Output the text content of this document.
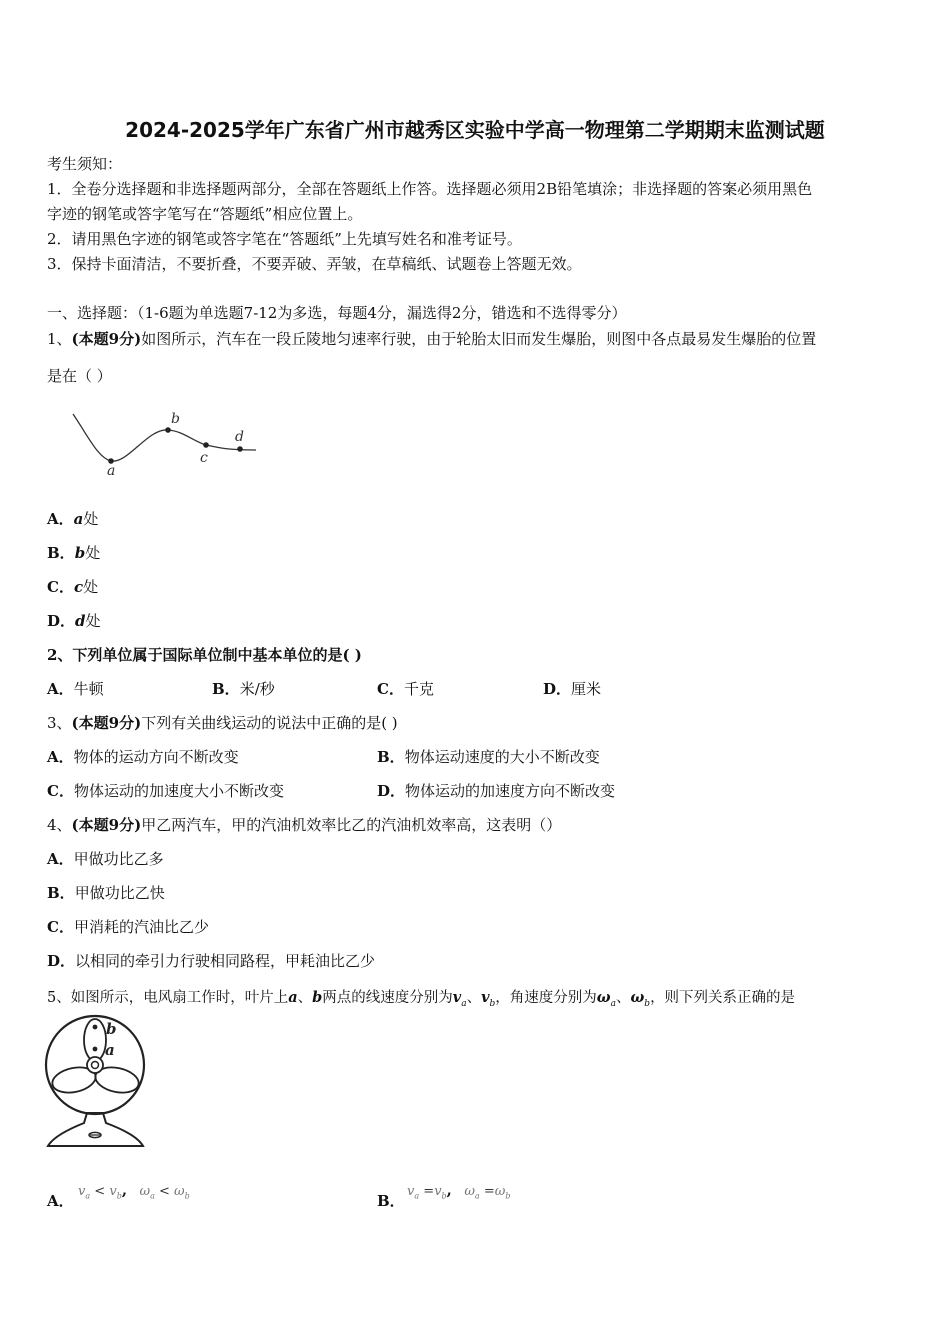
2024-2025学年广东省广州市越秀区实验中学高一物理第二学期期末监测试题
考生须知：
1．全卷分选择题和非选择题两部分，全部在答题纸上作答。选择题必须用2B铅笔填涂；非选择题的答案必须用黑色
字迹的钢笔或答字笔写在“答题纸”相应位置上。
2．请用黑色字迹的钢笔或答字笔在“答题纸”上先填写姓名和准考证号。
3．保持卡面清洁，不要折叠，不要弄破、弄皱，在草稿纸、试题卷上答题无效。
一、选择题：（1-6题为单选题7-12为多选，每题4分，漏选得2分，错选和不选得零分）
1、(本题9分)如图所示，汽车在一段丘陵地匀速率行驶，由于轮胎太旧而发生爆胎，则图中各点最易发生爆胎的位置
是在（ ）
a
b
c
d
A．a处
B．b处
C．c处
D．d处
2、下列单位属于国际单位制中基本单位的是( )
A．牛顿	B．米/秒	C．千克	D．厘米
3、(本题9分)下列有关曲线运动的说法中正确的是( )
A．物体的运动方向不断改变	B．物体运动速度的大小不断改变
C．物体运动的加速度大小不断改变	D．物体运动的加速度方向不断改变
4、(本题9分)甲乙两汽车，甲的汽油机效率比乙的汽油机效率高，这表明（）
A．甲做功比乙多
B．甲做功比乙快
C．甲消耗的汽油比乙少
D．以相同的牵引力行驶相同路程，甲耗油比乙少
5、如图所示，电风扇工作时，叶片上a、b两点的线速度分别为$v_a$、$v_b$，角速度分别为$\omega_a$、$\omega_b$，则下列关系正确的是
b
a
A．
$v_a < v_b$, $\omega_a < \omega_b$	B．
$v_a =v_b$, $\omega_a =\omega_b$
